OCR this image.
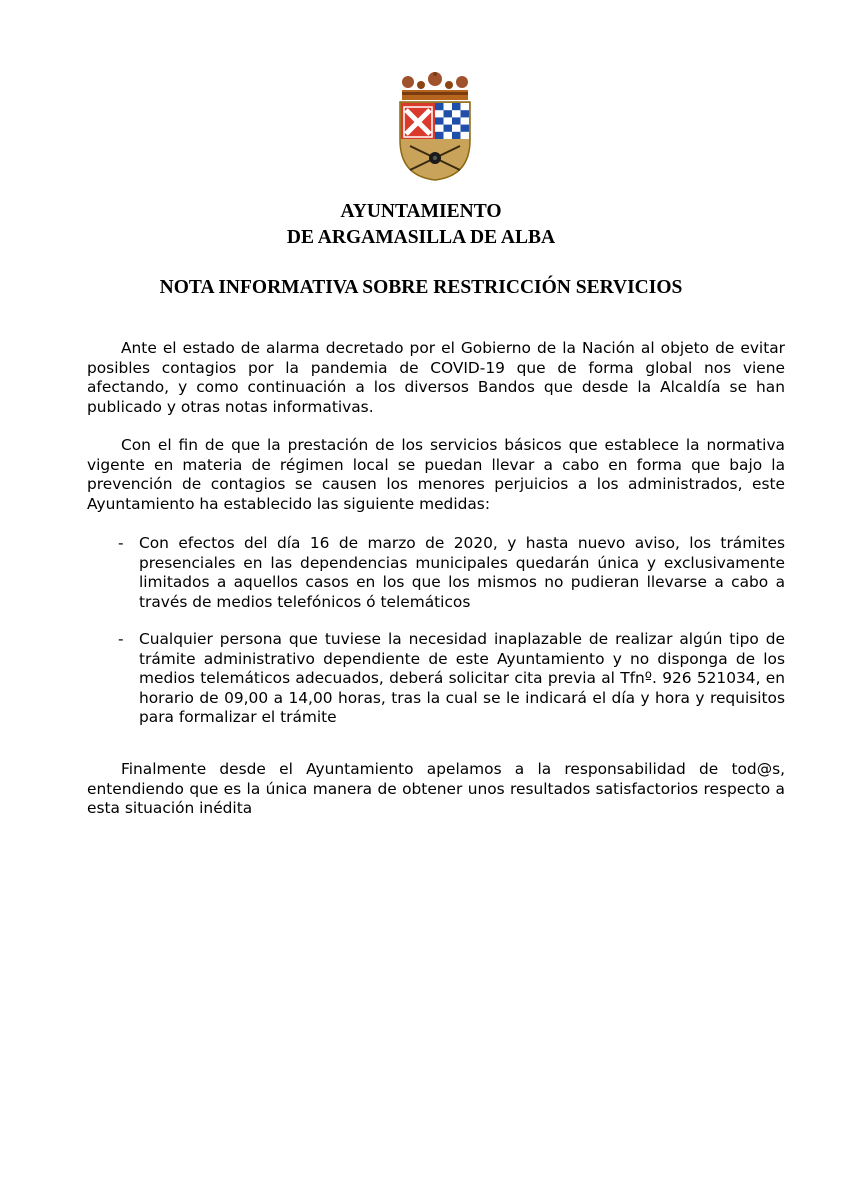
AYUNTAMIENTO
DE ARGAMASILLA DE ALBA
NOTA INFORMATIVA SOBRE RESTRICCIÓN SERVICIOS

Ante el estado de alarma decretado por el Gobierno de la Nación al objeto de evitar posibles contagios por la pandemia de COVID-19 que de forma global nos viene afectando, y como continuación a los diversos Bandos que desde la Alcaldía se han publicado y otras notas informativas.

Con el fin de que la prestación de los servicios básicos que establece la normativa vigente en materia de régimen local se puedan llevar a cabo en forma que bajo la prevención de contagios se causen los menores perjuicios a los administrados, este Ayuntamiento ha establecido las siguiente medidas:

-	Con efectos del día 16 de marzo de 2020, y hasta nuevo aviso, los trámites presenciales en las dependencias municipales quedarán única y exclusivamente limitados a aquellos casos en los que los mismos no pudieran llevarse a cabo a través de medios telefónicos ó telemáticos
-	Cualquier persona que tuviese la necesidad inaplazable de realizar algún tipo de trámite administrativo dependiente de este Ayuntamiento y no disponga de los medios telemáticos adecuados, deberá solicitar cita previa al Tfnº. 926 521034, en horario de 09,00 a 14,00 horas, tras la cual se le indicará el día y hora y requisitos para formalizar el trámite

Finalmente desde el Ayuntamiento apelamos a la responsabilidad de tod@s, entendiendo que es la única manera de obtener unos resultados satisfactorios respecto a esta situación inédita
